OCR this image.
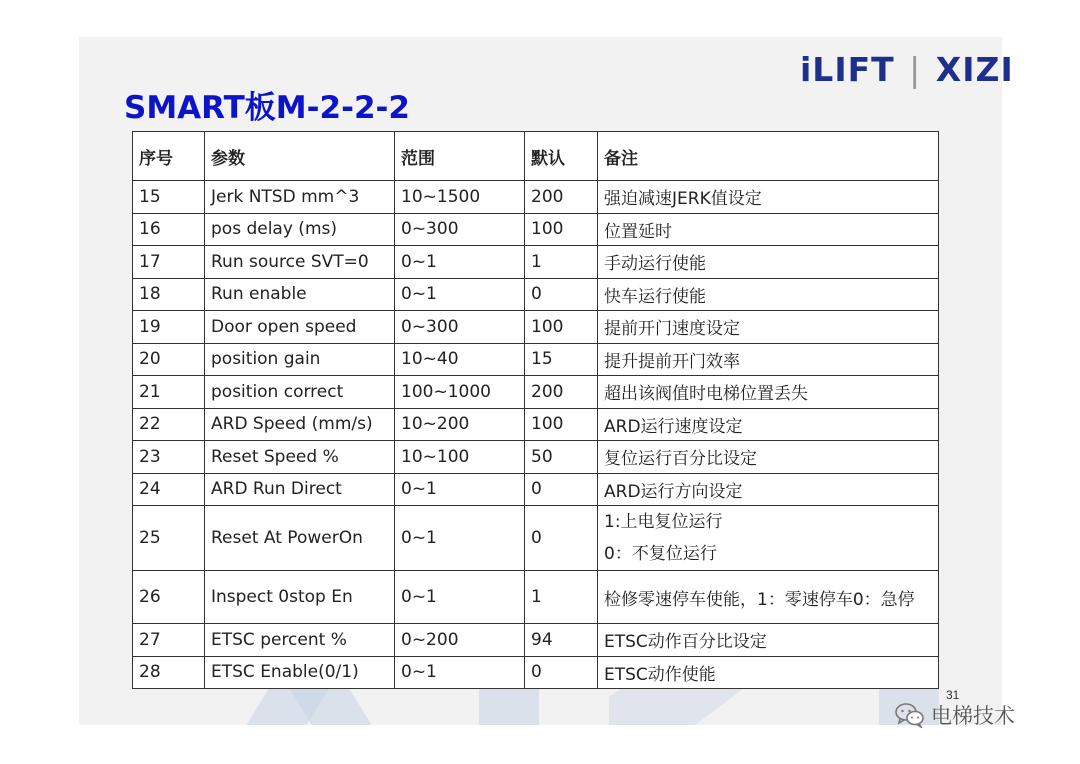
iLIFT | XIZI
SMART板M-2-2-2
序号	参数	范围	默认	备注
15	Jerk NTSD mm^3	10~1500	200	强迫减速JERK值设定
16	pos delay (ms)	0~300	100	位置延时
17	Run source SVT=0	0~1	1	手动运行使能
18	Run enable	0~1	0	快车运行使能
19	Door open speed	0~300	100	提前开门速度设定
20	position gain	10~40	15	提升提前开门效率
21	position correct	100~1000	200	超出该阀值时电梯位置丢失
22	ARD Speed (mm/s)	10~200	100	ARD运行速度设定
23	Reset Speed %	10~100	50	复位运行百分比设定
24	ARD Run Direct	0~1	0	ARD运行方向设定
25	Reset At PowerOn	0~1	0	1:上电复位运行
0：不复位运行

26	Inspect 0stop En	0~1	1	检修零速停车使能，1：零速停车0：急停
27	ETSC percent %	0~200	94	ETSC动作百分比设定
28	ETSC Enable(0/1)	0~1	0	ETSC动作使能
31
电梯技术
